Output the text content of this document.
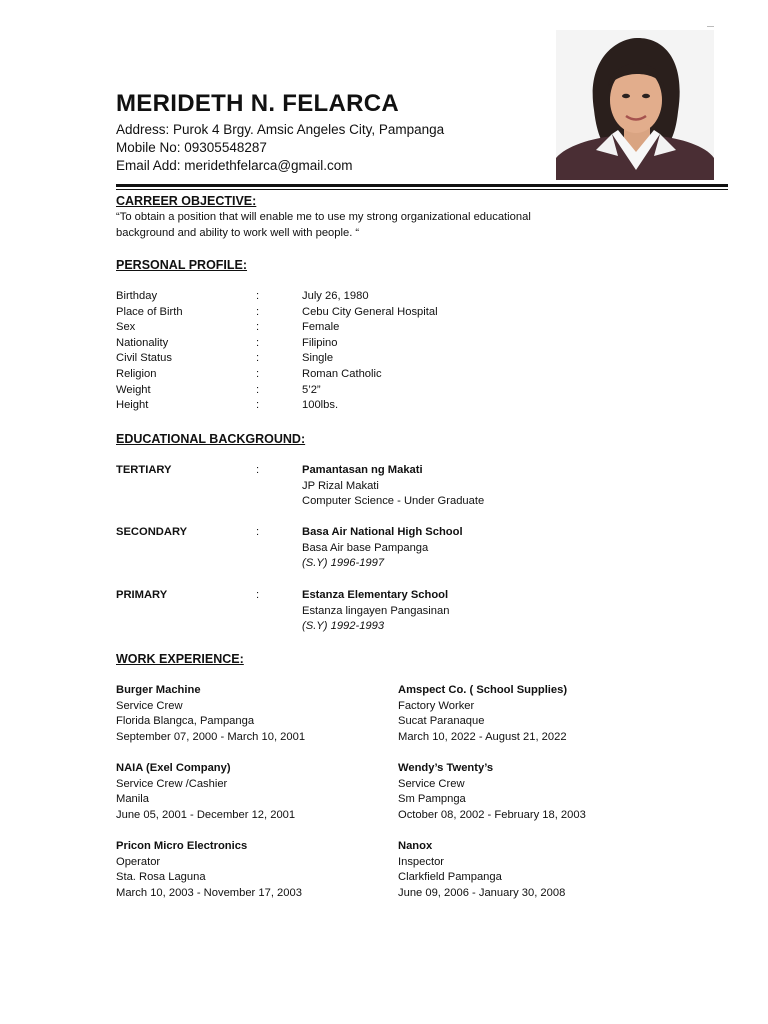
MERIDETH N. FELARCA
Address: Purok 4 Brgy. Amsic Angeles City, Pampanga
Mobile No: 09305548287
Email Add: meridethfelarca@gmail.com
CARREER OBJECTIVE:
“To obtain a position that will enable me to use my strong organizational educational
background and ability to work well with people. “
PERSONAL PROFILE:
Birthday	:	July 26, 1980
Place of Birth	:	Cebu City General Hospital
Sex	:	Female
Nationality	:	Filipino
Civil Status	:	Single
Religion	:	Roman Catholic
Weight	:	5’2”
Height	:	100lbs.
EDUCATIONAL BACKGROUND:
TERTIARY	:	Pamantasan ng Makati
JP Rizal Makati
Computer Science - Under Graduate
SECONDARY	:	Basa Air National High School
Basa Air base Pampanga
(S.Y) 1996-1997
PRIMARY	:	Estanza Elementary School
Estanza lingayen Pangasinan
(S.Y) 1992-1993
WORK EXPERIENCE:
Burger Machine
Service Crew
Florida Blangca, Pampanga
September 07, 2000 - March 10, 2001
Amspect Co. ( School Supplies)
Factory Worker
Sucat Paranaque
March 10, 2022 - August 21, 2022
NAIA (Exel Company)
Service Crew /Cashier
Manila
June 05, 2001 - December 12, 2001
Wendy’s Twenty’s
Service Crew
Sm Pampnga
October 08, 2002 - February 18, 2003
Pricon Micro Electronics
Operator
Sta. Rosa Laguna
March 10, 2003 - November 17, 2003
Nanox
Inspector
Clarkfield Pampanga
June 09, 2006 - January 30, 2008
